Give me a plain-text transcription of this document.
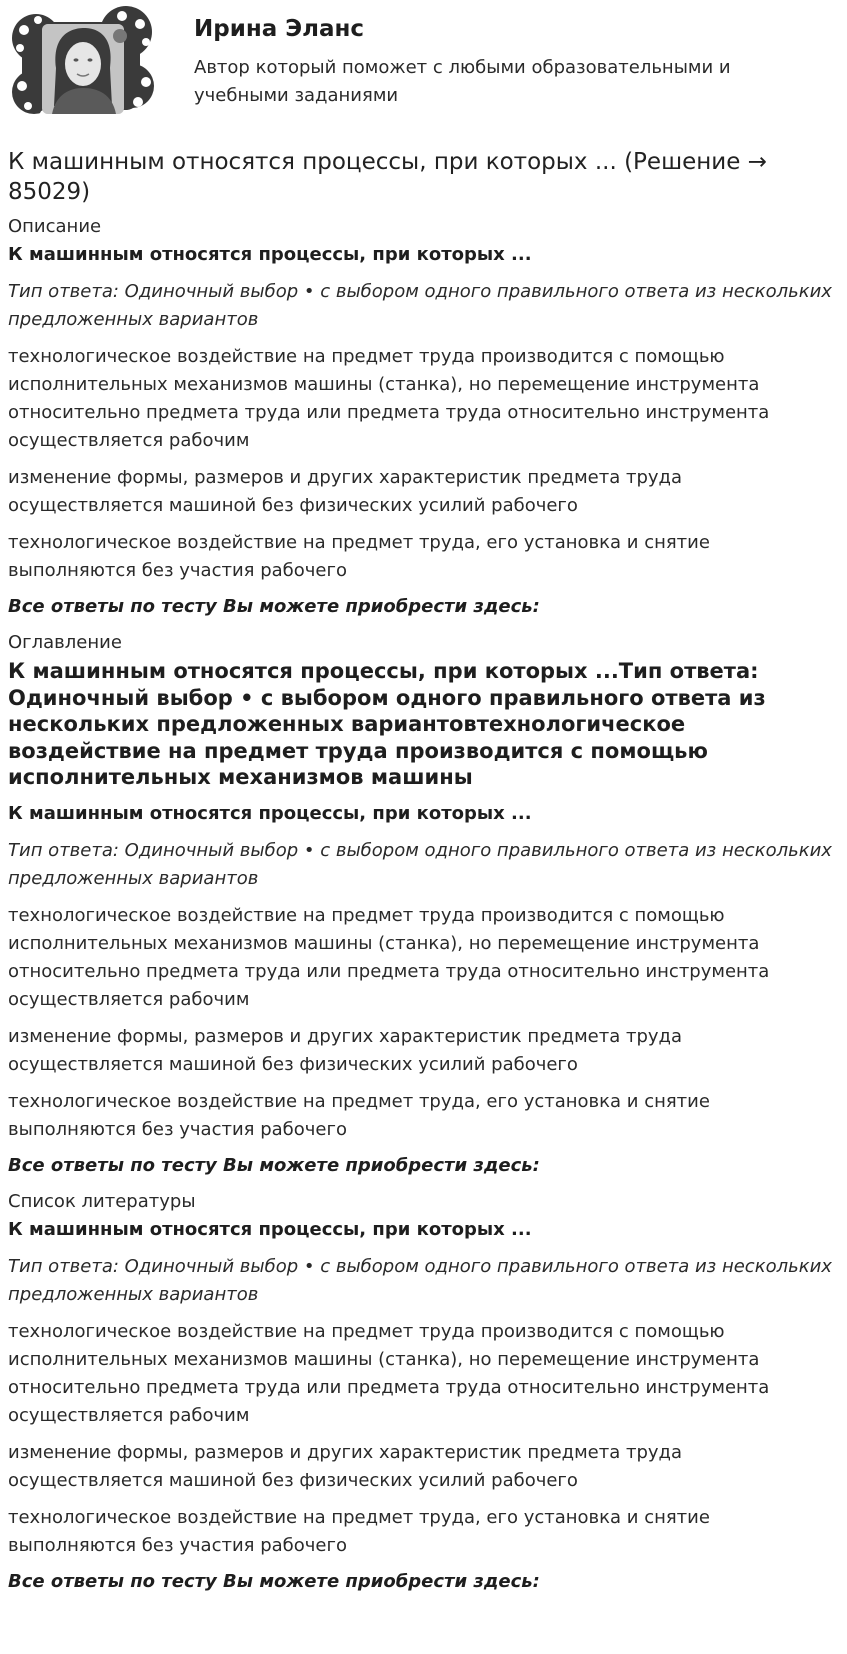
Ирина Эланс

Автор который поможет с любыми образовательными и учебными заданиями

К машинным относятся процессы, при которых ... (Решение → 85029)
Описание

К машинным относятся процессы, при которых ...

Тип ответа: Одиночный выбор • с выбором одного правильного ответа из нескольких предложенных вариантов

технологическое воздействие на предмет труда производится с помощью исполнительных механизмов машины (станка), но перемещение инструмента относительно предмета труда или предмета труда относительно инструмента осуществляется рабочим

изменение формы, размеров и других характеристик предмета труда осуществляется машиной без физических усилий рабочего

технологическое воздействие на предмет труда, его установка и снятие выполняются без участия рабочего

Все ответы по тесту Вы можете приобрести здесь:

Оглавление
К машинным относятся процессы, при которых ...Тип ответа: Одиночный выбор • с выбором одного правильного ответа из нескольких предложенных вариантовтехнологическое воздействие на предмет труда производится с помощью исполнительных механизмов машины

К машинным относятся процессы, при которых ...

Тип ответа: Одиночный выбор • с выбором одного правильного ответа из нескольких предложенных вариантов

технологическое воздействие на предмет труда производится с помощью исполнительных механизмов машины (станка), но перемещение инструмента относительно предмета труда или предмета труда относительно инструмента осуществляется рабочим

изменение формы, размеров и других характеристик предмета труда осуществляется машиной без физических усилий рабочего

технологическое воздействие на предмет труда, его установка и снятие выполняются без участия рабочего

Все ответы по тесту Вы можете приобрести здесь:

Список литературы

К машинным относятся процессы, при которых ...

Тип ответа: Одиночный выбор • с выбором одного правильного ответа из нескольких предложенных вариантов

технологическое воздействие на предмет труда производится с помощью исполнительных механизмов машины (станка), но перемещение инструмента относительно предмета труда или предмета труда относительно инструмента осуществляется рабочим

изменение формы, размеров и других характеристик предмета труда осуществляется машиной без физических усилий рабочего

технологическое воздействие на предмет труда, его установка и снятие выполняются без участия рабочего

Все ответы по тесту Вы можете приобрести здесь:
